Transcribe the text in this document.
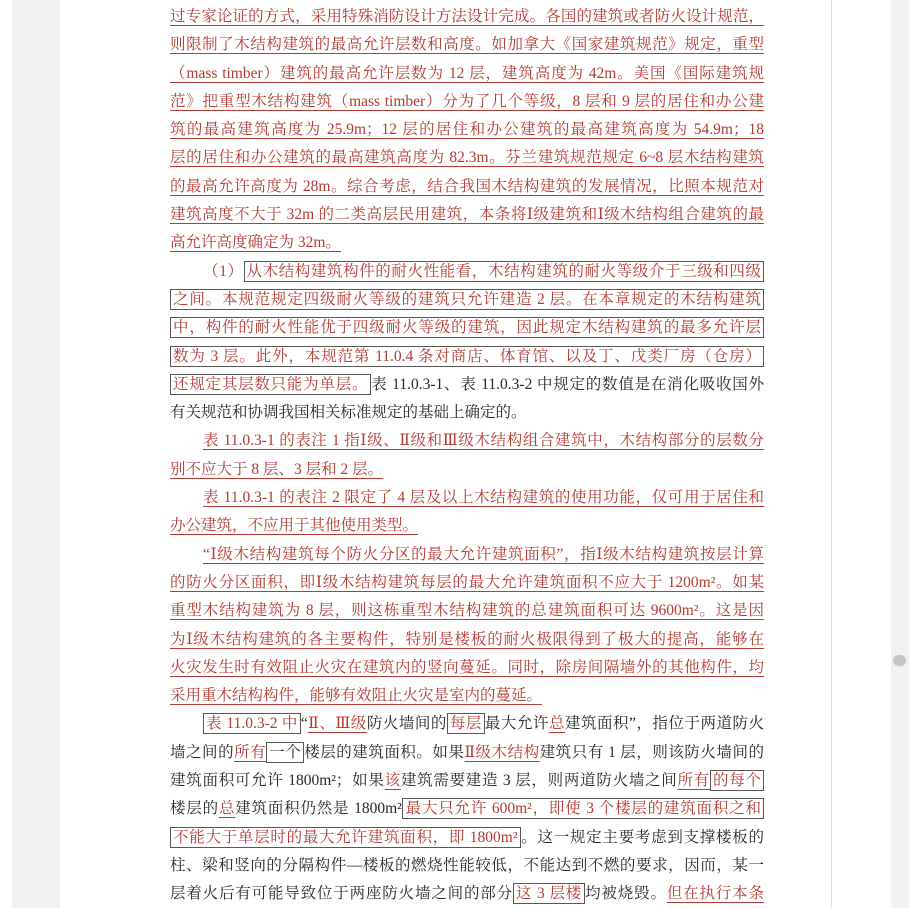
过专家论证的方式，采用特殊消防设计方法设计完成。各国的建筑或者防火设计规范，
则限制了木结构建筑的最高允许层数和高度。如加拿大《国家建筑规范》规定，重型
（mass timber）建筑的最高允许层数为 12 层，建筑高度为 42m。美国《国际建筑规
范》把重型木结构建筑（mass timber）分为了几个等级，8 层和 9 层的居住和办公建
筑的最高建筑高度为 25.9m；12 层的居住和办公建筑的最高建筑高度为 54.9m；18
层的居住和办公建筑的最高建筑高度为 82.3m。芬兰建筑规范规定 6~8 层木结构建筑
的最高允许高度为 28m。综合考虑，结合我国木结构建筑的发展情况，比照本规范对
建筑高度不大于 32m 的二类高层民用建筑，本条将Ⅰ级建筑和Ⅰ级木结构组合建筑的最
高允许高度确定为 32m。
（1） 从木结构建筑构件的耐火性能看，木结构建筑的耐火等级介于三级和四级
之间。本规范规定四级耐火等级的建筑只允许建造 2 层。在本章规定的木结构建筑
中，构件的耐火性能优于四级耐火等级的建筑，因此规定木结构建筑的最多允许层
数为 3 层。此外，本规范第 11.0.4 条对商店、体育馆、以及丁、戊类厂房（仓房）
还规定其层数只能为单层。 表 11.0.3-1、表 11.0.3-2 中规定的数值是在消化吸收国外
有关规范和协调我国相关标准规定的基础上确定的。
表 11.0.3-1 的表注 1 指Ⅰ级、Ⅱ级和Ⅲ级木结构组合建筑中，木结构部分的层数分
别不应大于 8 层、3 层和 2 层。
表 11.0.3-1 的表注 2 限定了 4 层及以上木结构建筑的使用功能，仅可用于居住和
办公建筑，不应用于其他使用类型。
“Ⅰ级木结构建筑每个防火分区的最大允许建筑面积”，指Ⅰ级木结构建筑按层计算
的防火分区面积，即Ⅰ级木结构建筑每层的最大允许建筑面积不应大于 1200m²。如某
重型木结构建筑为 8 层，则这栋重型木结构建筑的总建筑面积可达 9600m²。这是因
为Ⅰ级木结构建筑的各主要构件，特别是楼板的耐火极限得到了极大的提高，能够在
火灾发生时有效阻止火灾在建筑内的竖向蔓延。同时，除房间隔墙外的其他构件，均
采用重木结构构件，能够有效阻止火灾是室内的蔓延。
表 11.0.3-2 中 “Ⅱ、Ⅲ级防火墙间的 每层 最大允许总建筑面积”，指位于两道防火
墙之间的所有 一个 楼层的建筑面积。如果Ⅱ级木结构建筑只有 1 层，则该防火墙间的
建筑面积可允许 1800m²；如果该建筑需要建造 3 层，则两道防火墙之间所有 的每个
楼层的总建筑面积仍然是 1800m² 最大只允许 600m²，即使 3 个楼层的建筑面积之和
不能大于单层时的最大允许建筑面积，即 1800m² 。这一规定主要考虑到支撑楼板的
柱、梁和竖向的分隔构件—楼板的燃烧性能较低，不能达到不燃的要求，因而，某一
层着火后有可能导致位于两座防火墙之间的部分 这 3 层楼 均被烧毁。但在执行本条
